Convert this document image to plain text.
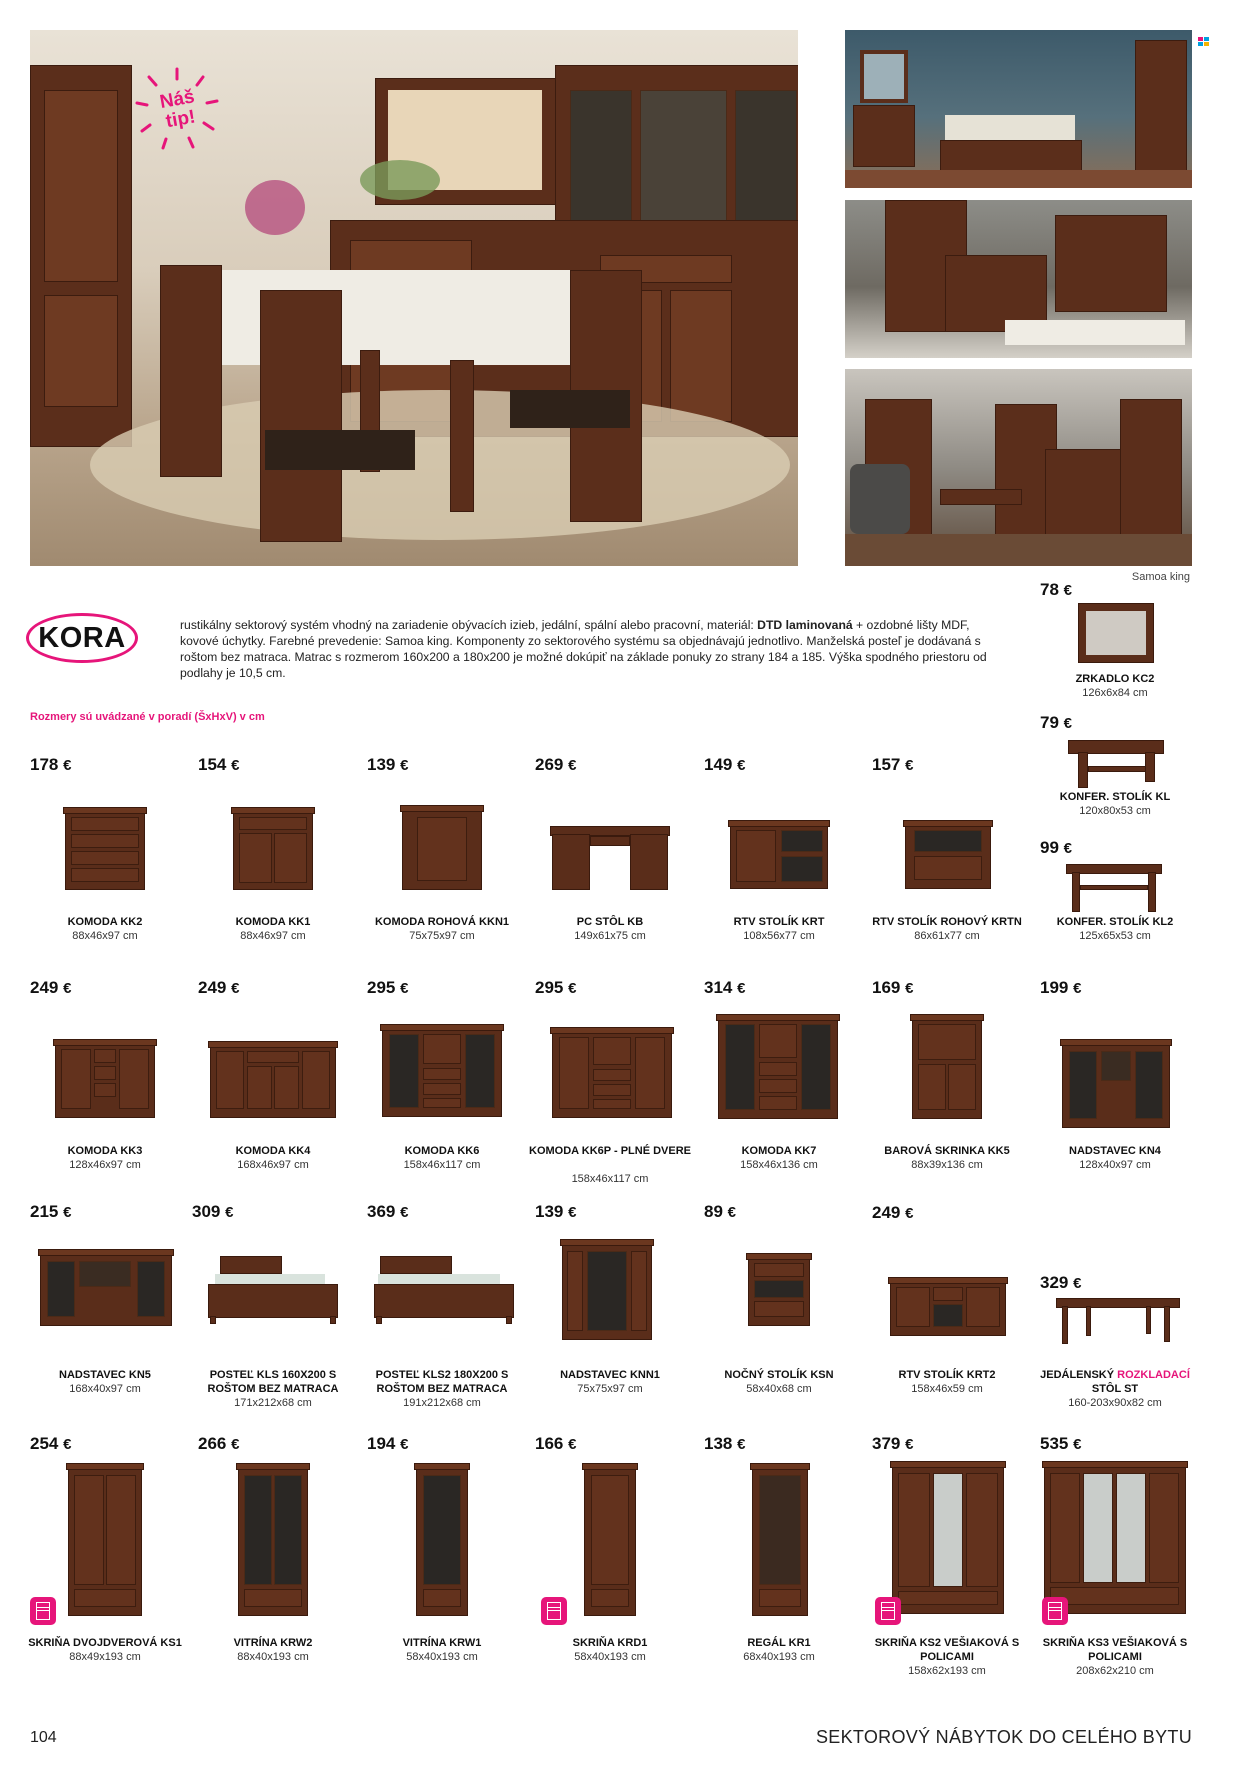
Náš tip!
Samoa king
KORA	rustikálny sektorový systém vhodný na zariadenie obývacích izieb, jedální, spální alebo pracovní, materiál: DTD laminovaná + ozdobné lišty MDF, kovové úchytky. Farebné prevedenie: Samoa king. Komponenty zo sektorového systému sa objednávajú jednotlivo. Manželská posteľ je dodávaná s roštom bez matraca. Matrac s rozmerom 160x200 a 180x200 je možné dokúpiť na základe ponuky zo strany 184 a 185. Výška spodného priestoru od podlahy je 10,5 cm.
Rozmery sú uvádzané v poradí (ŠxHxV) v cm
78 €
ZRKADLO KC2
126x6x84 cm
79 €
KONFER. STOLÍK KL
120x80x53 cm
99 €
KONFER. STOLÍK KL2
125x65x53 cm
178 €
KOMODA KK2
88x46x97 cm
154 €
KOMODA KK1
88x46x97 cm
139 €
KOMODA ROHOVÁ KKN1
75x75x97 cm
269 €
PC STÔL KB
149x61x75 cm
149 €
RTV STOLÍK KRT
108x56x77 cm
157 €
RTV STOLÍK ROHOVÝ KRTN
86x61x77 cm
249 €
KOMODA KK3
128x46x97 cm
249 €
KOMODA KK4
168x46x97 cm
295 €
KOMODA KK6
158x46x117 cm
295 €
KOMODA KK6P - PLNÉ DVERE
158x46x117 cm
314 €
KOMODA KK7
158x46x136 cm
169 €
BAROVÁ SKRINKA KK5
88x39x136 cm
199 €
NADSTAVEC KN4
128x40x97 cm
215 €
NADSTAVEC KN5
168x40x97 cm
309 €
POSTEĽ KLS 160X200 S ROŠTOM BEZ MATRACA
171x212x68 cm
369 €
POSTEĽ KLS2 180X200 S ROŠTOM BEZ MATRACA
191x212x68 cm
139 €
NADSTAVEC KNN1
75x75x97 cm
89 €
NOČNÝ STOLÍK KSN
58x40x68 cm
249 €
RTV STOLÍK KRT2
158x46x59 cm
329 €
JEDÁLENSKÝ ROZKLADACÍ STÔL ST
160-203x90x82 cm
254 €
SKRIŇA DVOJDVEROVÁ KS1
88x49x193 cm
266 €
VITRÍNA KRW2
88x40x193 cm
194 €
VITRÍNA KRW1
58x40x193 cm
166 €
SKRIŇA KRD1
58x40x193 cm
138 €
REGÁL KR1
68x40x193 cm
379 €
SKRIŇA KS2 VEŠIAKOVÁ S POLICAMI
158x62x193 cm
535 €
SKRIŇA KS3 VEŠIAKOVÁ S POLICAMI
208x62x210 cm
104	SEKTOROVÝ NÁBYTOK DO CELÉHO BYTU
